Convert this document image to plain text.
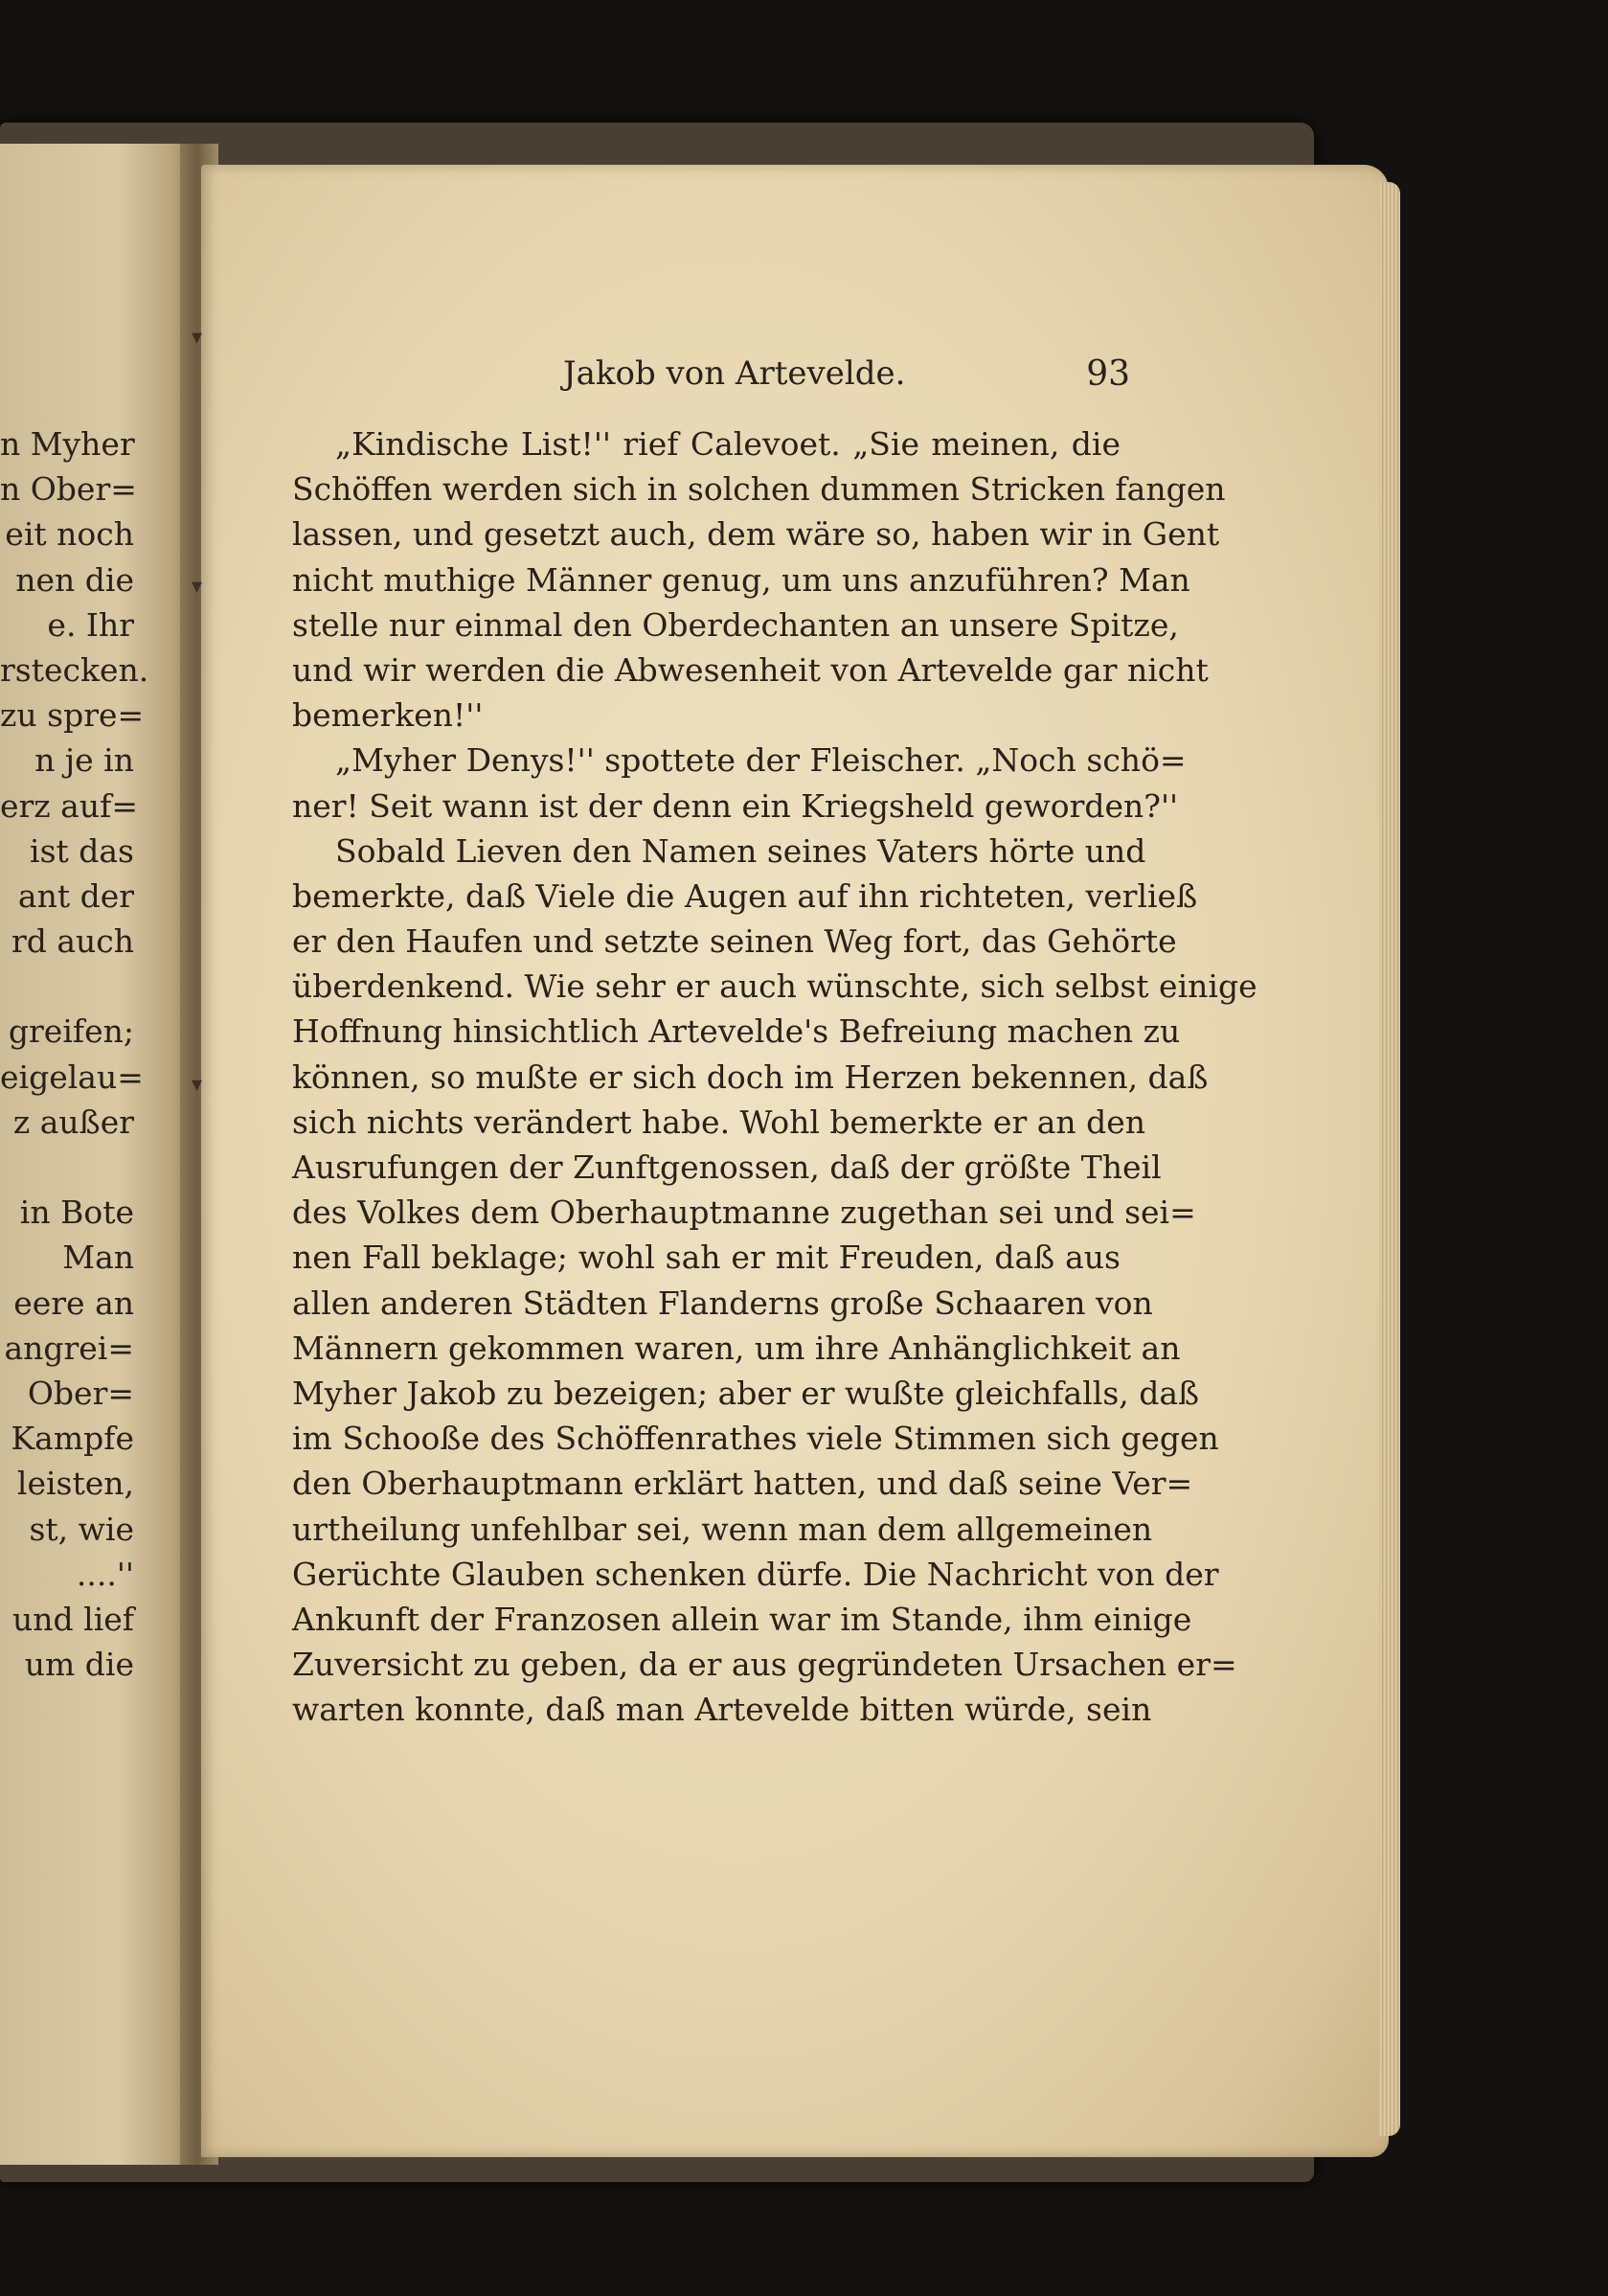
n Myher
n Ober=
eit noch
nen die
e. Ihr
rstecken.
zu spre=
n je in
erz auf=
ist das
ant der
rd auch
greifen;
eigelau=
z außer
in Bote
Man
eere an
angrei=
Ober=
Kampfe
leisten,
st, wie
....''
und lief
um die
Jakob von Artevelde.	93
„Kindische List!'' rief Calevoet. „Sie meinen, die
Schöffen werden sich in solchen dummen Stricken fangen
lassen, und gesetzt auch, dem wäre so, haben wir in Gent
nicht muthige Männer genug, um uns anzuführen? Man
stelle nur einmal den Oberdechanten an unsere Spitze,
und wir werden die Abwesenheit von Artevelde gar nicht
bemerken!''
„Myher Denys!'' spottete der Fleischer. „Noch schö=
ner! Seit wann ist der denn ein Kriegsheld geworden?''
Sobald Lieven den Namen seines Vaters hörte und
bemerkte, daß Viele die Augen auf ihn richteten, verließ
er den Haufen und setzte seinen Weg fort, das Gehörte
überdenkend. Wie sehr er auch wünschte, sich selbst einige
Hoffnung hinsichtlich Artevelde's Befreiung machen zu
können, so mußte er sich doch im Herzen bekennen, daß
sich nichts verändert habe. Wohl bemerkte er an den
Ausrufungen der Zunftgenossen, daß der größte Theil
des Volkes dem Oberhauptmanne zugethan sei und sei=
nen Fall beklage; wohl sah er mit Freuden, daß aus
allen anderen Städten Flanderns große Schaaren von
Männern gekommen waren, um ihre Anhänglichkeit an
Myher Jakob zu bezeigen; aber er wußte gleichfalls, daß
im Schooße des Schöffenrathes viele Stimmen sich gegen
den Oberhauptmann erklärt hatten, und daß seine Ver=
urtheilung unfehlbar sei, wenn man dem allgemeinen
Gerüchte Glauben schenken dürfe. Die Nachricht von der
Ankunft der Franzosen allein war im Stande, ihm einige
Zuversicht zu geben, da er aus gegründeten Ursachen er=
warten konnte, daß man Artevelde bitten würde, sein
▾
▾
▾
